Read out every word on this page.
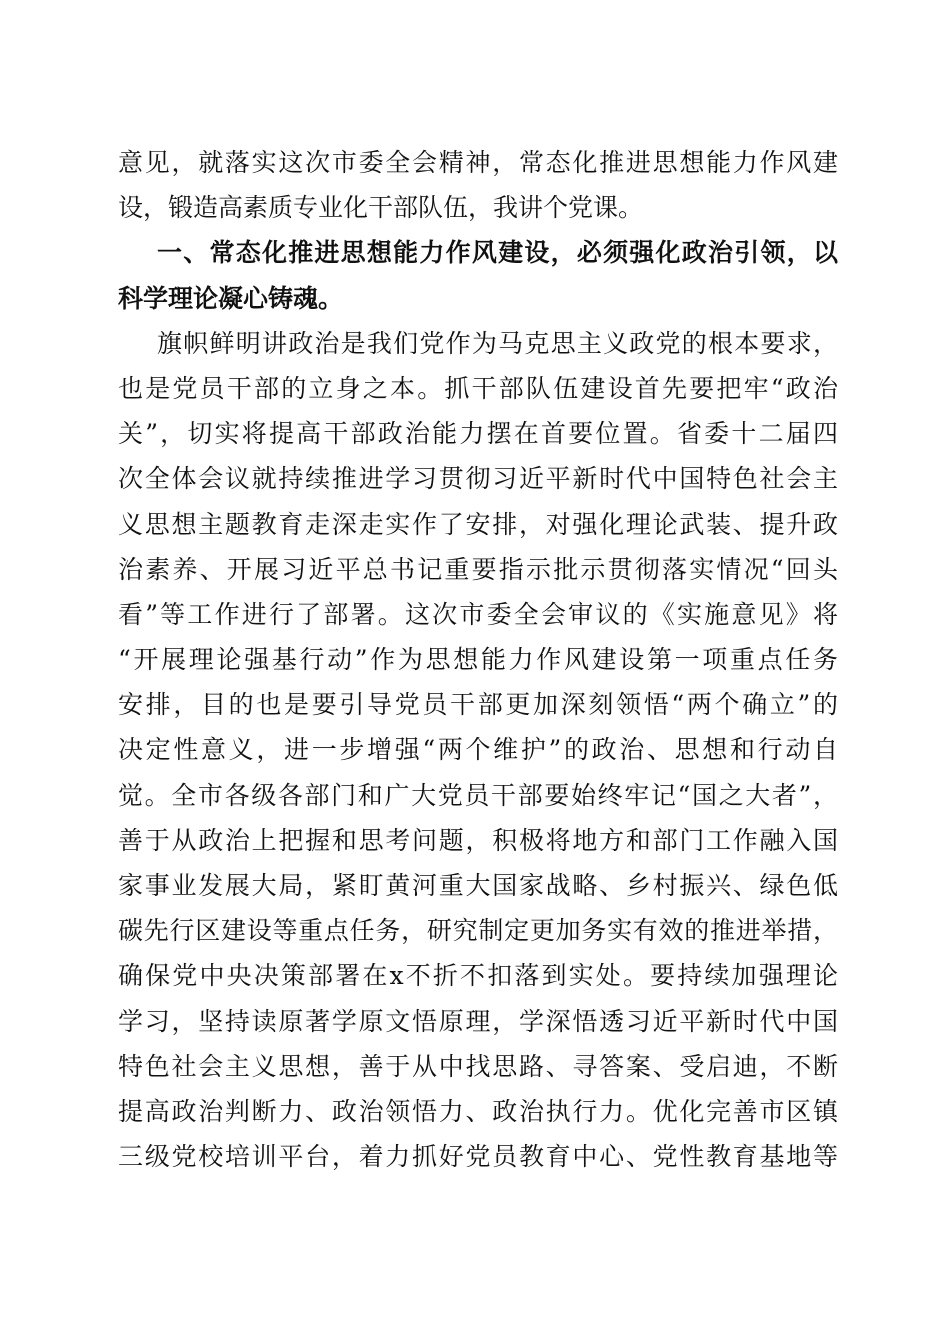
意见，就落实这次市委全会精神，常态化推进思想能力作风建
设，锻造高素质专业化干部队伍，我讲个党课。
一、常态化推进思想能力作风建设，必须强化政治引领，以
科学理论凝心铸魂。
旗帜鲜明讲政治是我们党作为马克思主义政党的根本要求，
也是党员干部的立身之本。抓干部队伍建设首先要把牢“政治
关”，切实将提高干部政治能力摆在首要位置。省委十二届四
次全体会议就持续推进学习贯彻习近平新时代中国特色社会主
义思想主题教育走深走实作了安排，对强化理论武装、提升政
治素养、开展习近平总书记重要指示批示贯彻落实情况“回头
看”等工作进行了部署。这次市委全会审议的《实施意见》将
“开展理论强基行动”作为思想能力作风建设第一项重点任务
安排，目的也是要引导党员干部更加深刻领悟“两个确立”的
决定性意义，进一步增强“两个维护”的政治、思想和行动自
觉。全市各级各部门和广大党员干部要始终牢记“国之大者”，
善于从政治上把握和思考问题，积极将地方和部门工作融入国
家事业发展大局，紧盯黄河重大国家战略、乡村振兴、绿色低
碳先行区建设等重点任务，研究制定更加务实有效的推进举措，
确保党中央决策部署在x不折不扣落到实处。要持续加强理论
学习，坚持读原著学原文悟原理，学深悟透习近平新时代中国
特色社会主义思想，善于从中找思路、寻答案、受启迪，不断
提高政治判断力、政治领悟力、政治执行力。优化完善市区镇
三级党校培训平台，着力抓好党员教育中心、党性教育基地等
